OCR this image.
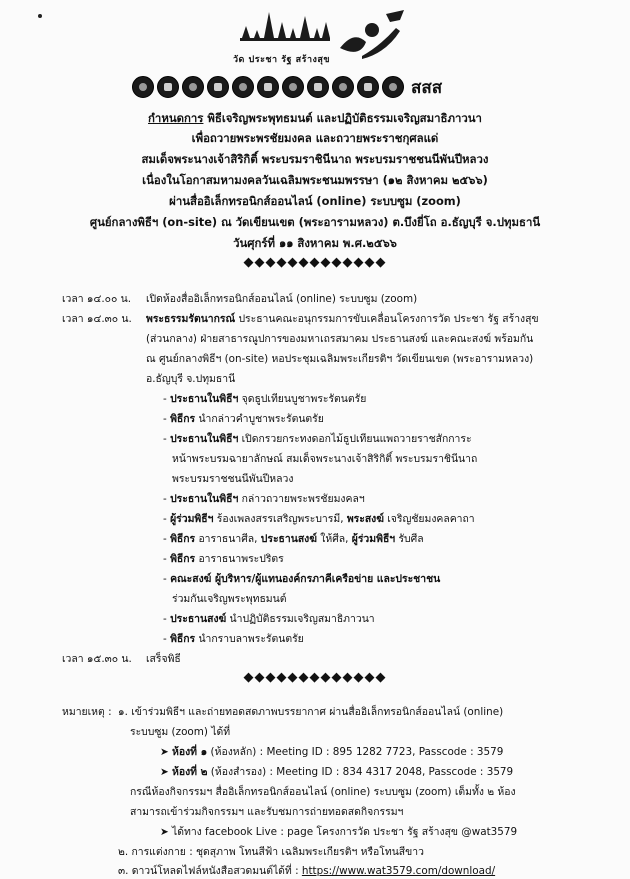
วัด ประชา รัฐ สร้างสุข
สสส
กำหนดการ พิธีเจริญพระพุทธมนต์ และปฏิบัติธรรมเจริญสมาธิภาวนา
เพื่อถวายพระพรชัยมงคล และถวายพระราชกุศลแด่
สมเด็จพระนางเจ้าสิริกิติ์ พระบรมราชินีนาถ พระบรมราชชนนีพันปีหลวง
เนื่องในโอกาสมหามงคลวันเฉลิมพระชนมพรรษา (๑๒ สิงหาคม ๒๕๖๖)
ผ่านสื่ออิเล็กทรอนิกส์ออนไลน์ (online) ระบบซูม (zoom)
ศูนย์กลางพิธีฯ (on-site) ณ วัดเขียนเขต (พระอารามหลวง) ต.บึงยี่โถ อ.ธัญบุรี จ.ปทุมธานี
วันศุกร์ที่ ๑๑ สิงหาคม พ.ศ.๒๕๖๖
◆◆◆◆◆◆◆◆◆◆◆◆◆
เวลา ๑๔.๐๐ น. เปิดห้องสื่ออิเล็กทรอนิกส์ออนไลน์ (online) ระบบซูม (zoom)
เวลา ๑๔.๓๐ น. พระธรรมรัตนากรณ์ ประธานคณะอนุกรรมการขับเคลื่อนโครงการวัด ประชา รัฐ สร้างสุข
(ส่วนกลาง) ฝ่ายสาธารณูปการของมหาเถรสมาคม ประธานสงฆ์ และคณะสงฆ์ พร้อมกัน
ณ ศูนย์กลางพิธีฯ (on-site) หอประชุมเฉลิมพระเกียรติฯ วัดเขียนเขต (พระอารามหลวง)
อ.ธัญบุรี จ.ปทุมธานี
- ประธานในพิธีฯ จุดธูปเทียนบูชาพระรัตนตรัย
- พิธีกร นำกล่าวคำบูชาพระรัตนตรัย
- ประธานในพิธีฯ เปิดกรวยกระทงดอกไม้ธูปเทียนแพถวายราชสักการะ
หน้าพระบรมฉายาลักษณ์ สมเด็จพระนางเจ้าสิริกิติ์ พระบรมราชินีนาถ
พระบรมราชชนนีพันปีหลวง
- ประธานในพิธีฯ กล่าวถวายพระพรชัยมงคลฯ
- ผู้ร่วมพิธีฯ ร้องเพลงสรรเสริญพระบารมี, พระสงฆ์ เจริญชัยมงคลคาถา
- พิธีกร อาราธนาศีล, ประธานสงฆ์ ให้ศีล, ผู้ร่วมพิธีฯ รับศีล
- พิธีกร อาราธนาพระปริตร
- คณะสงฆ์ ผู้บริหาร/ผู้แทนองค์กรภาคีเครือข่าย และประชาชน
ร่วมกันเจริญพระพุทธมนต์
- ประธานสงฆ์ นำปฏิบัติธรรมเจริญสมาธิภาวนา
- พิธีกร นำกราบลาพระรัตนตรัย
เวลา ๑๕.๓๐ น. เสร็จพิธี
◆◆◆◆◆◆◆◆◆◆◆◆◆
หมายเหตุ : ๑. เข้าร่วมพิธีฯ และถ่ายทอดสดภาพบรรยากาศ ผ่านสื่ออิเล็กทรอนิกส์ออนไลน์ (online)
ระบบซูม (zoom) ได้ที่
➤ ห้องที่ ๑ (ห้องหลัก) : Meeting ID : 895 1282 7723, Passcode : 3579
➤ ห้องที่ ๒ (ห้องสำรอง) : Meeting ID : 834 4317 2048, Passcode : 3579
กรณีห้องกิจกรรมฯ สื่ออิเล็กทรอนิกส์ออนไลน์ (online) ระบบซูม (zoom) เต็มทั้ง ๒ ห้อง
สามารถเข้าร่วมกิจกรรมฯ และรับชมการถ่ายทอดสดกิจกรรมฯ
➤ ได้ทาง facebook Live : page โครงการวัด ประชา รัฐ สร้างสุข @wat3579
๒. การแต่งกาย : ชุดสุภาพ โทนสีฟ้า เฉลิมพระเกียรติฯ หรือโทนสีขาว
๓. ดาวน์โหลดไฟล์หนังสือสวดมนต์ได้ที่ : https://www.wat3579.com/download/
